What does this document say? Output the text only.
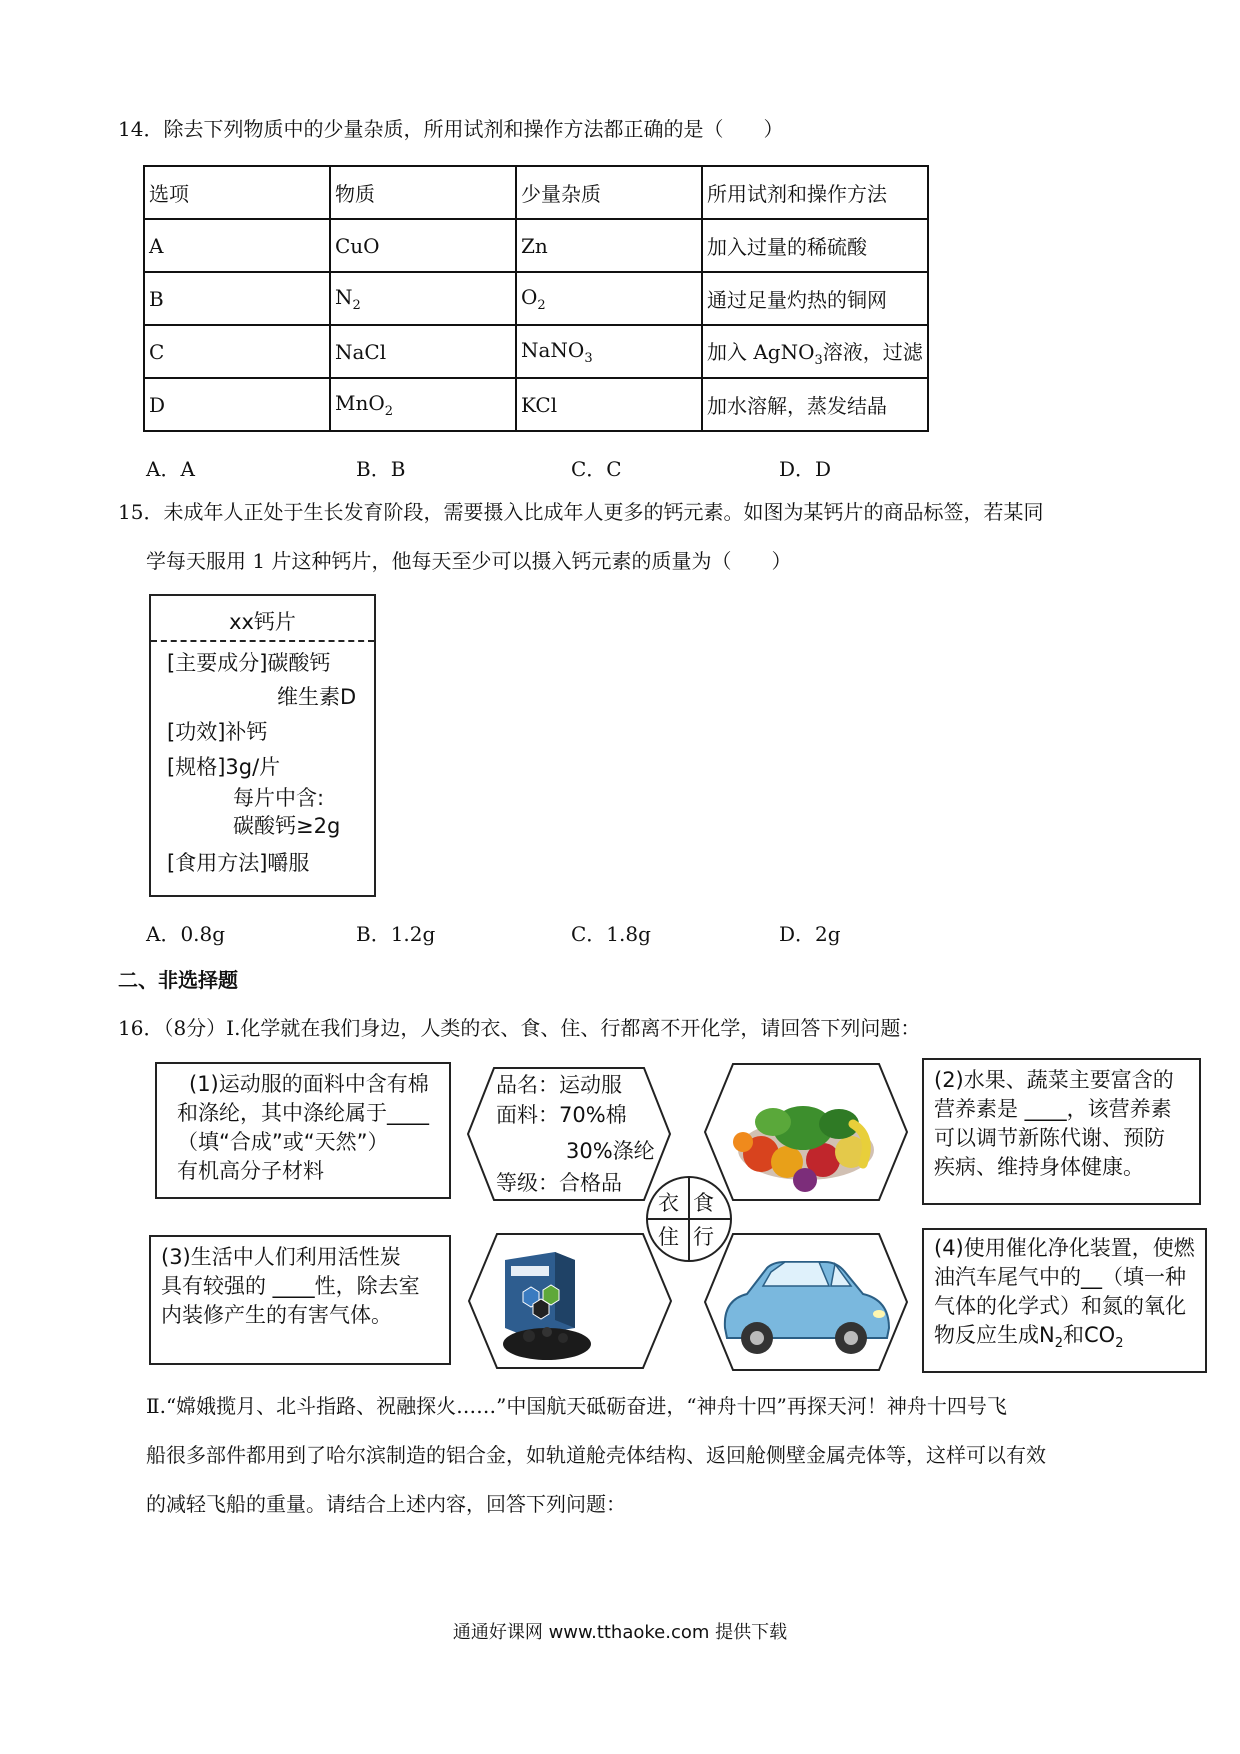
14．除去下列物质中的少量杂质，所用试剂和操作方法都正确的是（　　）
选项	物质	少量杂质	所用试剂和操作方法
A	CuO	Zn	加入过量的稀硫酸
B	$N_2$	$O_2$	通过足量灼热的铜网
C	NaCl	NaNO$_3$	加入 AgNO$_3$溶液，过滤
D	MnO$_2$	KCl	加水溶解，蒸发结晶
A．A	B．B	C．C	D．D
15．未成年人正处于生长发育阶段，需要摄入比成年人更多的钙元素。如图为某钙片的商品标签，若某同
学每天服用 1 片这种钙片，他每天至少可以摄入钙元素的质量为（　　）
xx钙片
[主要成分]碳酸钙
维生素D
[功效]补钙
[规格]3g/片
每片中含:
碳酸钙≥2g
[食用方法]嚼服
A．0.8g	B．1.2g	C．1.8g	D．2g
二、非选择题
16．（8分）Ⅰ.化学就在我们身边，人类的衣、食、住、行都离不开化学，请回答下列问题：
(1)运动服的面料中含有棉
和涤纶，其中涤纶属于____
（填“合成”或“天然”）
有机高分子材料
品名：运动服
面料：70%棉
30%涤纶
等级：合格品
(2)水果、蔬菜主要富含的
营养素是 ____，该营养素
可以调节新陈代谢、预防
疾病、维持身体健康。
衣 食
住 行
(3)生活中人们利用活性炭
具有较强的 ____性，除去室
内装修产生的有害气体。
(4)使用催化净化装置，使燃
油汽车尾气中的__（填一种
气体的化学式）和氮的氧化
物反应生成$N_2$和$CO_2$
Ⅱ.“嫦娥揽月、北斗指路、祝融探火……”中国航天砥砺奋进，“神舟十四”再探天河！神舟十四号飞
船很多部件都用到了哈尔滨制造的铝合金，如轨道舱壳体结构、返回舱侧壁金属壳体等，这样可以有效
的减轻飞船的重量。请结合上述内容，回答下列问题：
通通好课网 www.tthaoke.com 提供下载
